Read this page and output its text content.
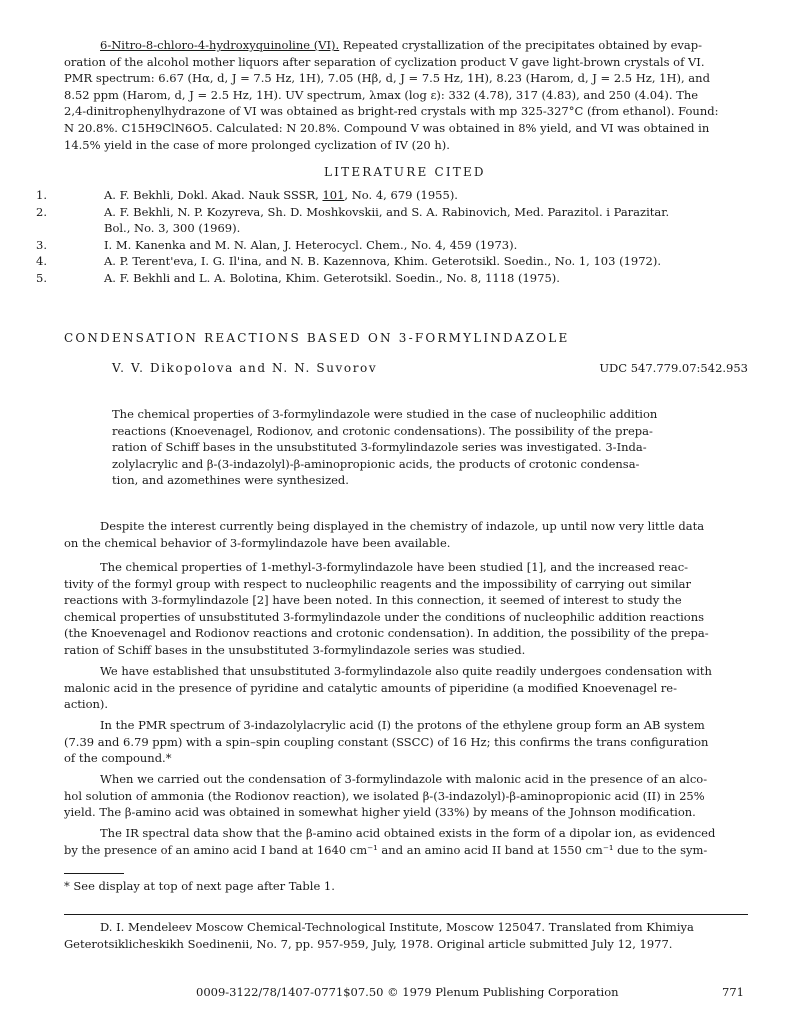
6-Nitro-8-chloro-4-hydroxyquinoline (VI). Repeated crystallization of the precipitates obtained by evap-
oration of the alcohol mother liquors after separation of cyclization product V gave light-brown crystals of VI.
PMR spectrum: 6.67 (Hα, d, J = 7.5 Hz, 1H), 7.05 (Hβ, d, J = 7.5 Hz, 1H), 8.23 (Harom, d, J = 2.5 Hz, 1H), and
8.52 ppm (Harom, d, J = 2.5 Hz, 1H). UV spectrum, λmax (log ε): 332 (4.78), 317 (4.83), and 250 (4.04). The
2,4-dinitrophenylhydrazone of VI was obtained as bright-red crystals with mp 325-327°C (from ethanol). Found:
N 20.8%. C15H9ClN6O5. Calculated: N 20.8%. Compound V was obtained in 8% yield, and VI was obtained in
14.5% yield in the case of more prolonged cyclization of IV (20 h).
LITERATURE CITED
1.	A. F. Bekhli, Dokl. Akad. Nauk SSSR, 101, No. 4, 679 (1955).
2.	A. F. Bekhli, N. P. Kozyreva, Sh. D. Moshkovskii, and S. A. Rabinovich, Med. Parazitol. i Parazitar.
Bol., No. 3, 300 (1969).
3.	I. M. Kanenka and M. N. Alan, J. Heterocycl. Chem., No. 4, 459 (1973).
4.	A. P. Terent'eva, I. G. Il'ina, and N. B. Kazennova, Khim. Geterotsikl. Soedin., No. 1, 103 (1972).
5.	A. F. Bekhli and L. A. Bolotina, Khim. Geterotsikl. Soedin., No. 8, 1118 (1975).
CONDENSATION REACTIONS BASED ON 3-FORMYLINDAZOLE
V. V. Dikopolova and N. N. Suvorov	UDC 547.779.07:542.953
The chemical properties of 3-formylindazole were studied in the case of nucleophilic addition
reactions (Knoevenagel, Rodionov, and crotonic condensations). The possibility of the prepa-
ration of Schiff bases in the unsubstituted 3-formylindazole series was investigated. 3-Inda-
zolylacrylic and β-(3-indazolyl)-β-aminopropionic acids, the products of crotonic condensa-
tion, and azomethines were synthesized.
Despite the interest currently being displayed in the chemistry of indazole, up until now very little data
on the chemical behavior of 3-formylindazole have been available.
The chemical properties of 1-methyl-3-formylindazole have been studied [1], and the increased reac-
tivity of the formyl group with respect to nucleophilic reagents and the impossibility of carrying out similar
reactions with 3-formylindazole [2] have been noted. In this connection, it seemed of interest to study the
chemical properties of unsubstituted 3-formylindazole under the conditions of nucleophilic addition reactions
(the Knoevenagel and Rodionov reactions and crotonic condensation). In addition, the possibility of the prepa-
ration of Schiff bases in the unsubstituted 3-formylindazole series was studied.
We have established that unsubstituted 3-formylindazole also quite readily undergoes condensation with
malonic acid in the presence of pyridine and catalytic amounts of piperidine (a modified Knoevenagel re-
action).
In the PMR spectrum of 3-indazolylacrylic acid (I) the protons of the ethylene group form an AB system
(7.39 and 6.79 ppm) with a spin–spin coupling constant (SSCC) of 16 Hz; this confirms the trans configuration
of the compound.*
When we carried out the condensation of 3-formylindazole with malonic acid in the presence of an alco-
hol solution of ammonia (the Rodionov reaction), we isolated β-(3-indazolyl)-β-aminopropionic acid (II) in 25%
yield. The β-amino acid was obtained in somewhat higher yield (33%) by means of the Johnson modification.
The IR spectral data show that the β-amino acid obtained exists in the form of a dipolar ion, as evidenced
by the presence of an amino acid I band at 1640 cm⁻¹ and an amino acid II band at 1550 cm⁻¹ due to the sym-
* See display at top of next page after Table 1.
D. I. Mendeleev Moscow Chemical-Technological Institute, Moscow 125047. Translated from Khimiya
Geterotsiklicheskikh Soedinenii, No. 7, pp. 957-959, July, 1978. Original article submitted July 12, 1977.
0009-3122/78/1407-0771$07.50 © 1979 Plenum Publishing Corporation	771
